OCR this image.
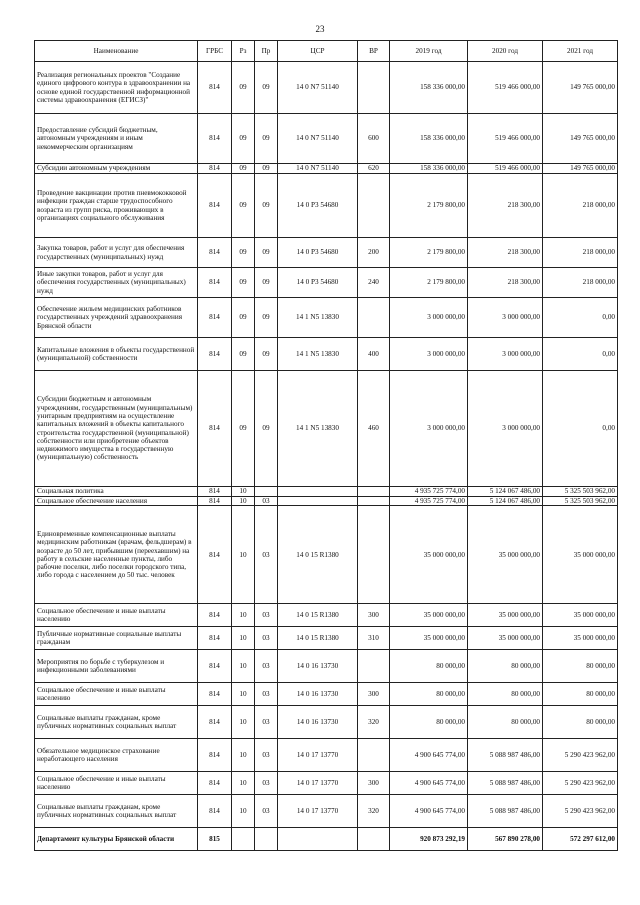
23
Наименование	ГРБС	Рз	Пр	ЦСР	ВР	2019 год	2020 год	2021 год
Реализация региональных проектов "Создание единого цифрового контура в здравоохранении на основе единой государственной информационной системы здравоохранения (ЕГИСЗ)"	814	09	09	14 0 N7 51140		158 336 000,00	519 466 000,00	149 765 000,00
Предоставление субсидий бюджетным, автономным учреждениям и иным некоммерческим организациям	814	09	09	14 0 N7 51140	600	158 336 000,00	519 466 000,00	149 765 000,00
Субсидии автономным учреждениям	814	09	09	14 0 N7 51140	620	158 336 000,00	519 466 000,00	149 765 000,00
Проведение вакцинации против пневмококковой инфекции граждан старше трудоспособного возраста из групп риска, проживающих в организациях социального обслуживания	814	09	09	14 0 P3 54680		2 179 800,00	218 300,00	218 000,00
Закупка товаров, работ и услуг для обеспечения государственных (муниципальных) нужд	814	09	09	14 0 P3 54680	200	2 179 800,00	218 300,00	218 000,00
Иные закупки товаров, работ и услуг для обеспечения государственных (муниципальных) нужд	814	09	09	14 0 P3 54680	240	2 179 800,00	218 300,00	218 000,00
Обеспечение жильем медицинских работников государственных учреждений здравоохранения Брянской области	814	09	09	14 1 N5 13830		3 000 000,00	3 000 000,00	0,00
Капитальные вложения в объекты государственной (муниципальной) собственности	814	09	09	14 1 N5 13830	400	3 000 000,00	3 000 000,00	0,00
Субсидии бюджетным и автономным учреждениям, государственным (муниципальным) унитарным предприятиям на осуществление капитальных вложений в объекты капитального строительства государственной (муниципальной) собственности или приобретение объектов недвижимого имущества в государственную (муниципальную) собственность	814	09	09	14 1 N5 13830	460	3 000 000,00	3 000 000,00	0,00
Социальная политика	814	10				4 935 725 774,00	5 124 067 486,00	5 325 503 962,00
Социальное обеспечение населения	814	10	03			4 935 725 774,00	5 124 067 486,00	5 325 503 962,00
Единовременные компенсационные выплаты медицинским работникам (врачам, фельдшерам) в возрасте до 50 лет, прибывшим (переехавшим) на работу в сельские населенные пункты, либо рабочие поселки, либо поселки городского типа, либо города с населением до 50 тыс. человек	814	10	03	14 0 15 R1380		35 000 000,00	35 000 000,00	35 000 000,00
Социальное обеспечение и иные выплаты населению	814	10	03	14 0 15 R1380	300	35 000 000,00	35 000 000,00	35 000 000,00
Публичные нормативные социальные выплаты гражданам	814	10	03	14 0 15 R1380	310	35 000 000,00	35 000 000,00	35 000 000,00
Мероприятия по борьбе с туберкулезом и инфекционными заболеваниями	814	10	03	14 0 16 13730		80 000,00	80 000,00	80 000,00
Социальное обеспечение и иные выплаты населению	814	10	03	14 0 16 13730	300	80 000,00	80 000,00	80 000,00
Социальные выплаты гражданам, кроме публичных нормативных социальных выплат	814	10	03	14 0 16 13730	320	80 000,00	80 000,00	80 000,00
Обязательное медицинское страхование неработающего населения	814	10	03	14 0 17 13770		4 900 645 774,00	5 088 987 486,00	5 290 423 962,00
Социальное обеспечение и иные выплаты населению	814	10	03	14 0 17 13770	300	4 900 645 774,00	5 088 987 486,00	5 290 423 962,00
Социальные выплаты гражданам, кроме публичных нормативных социальных выплат	814	10	03	14 0 17 13770	320	4 900 645 774,00	5 088 987 486,00	5 290 423 962,00
Департамент культуры Брянской области	815					920 873 292,19	567 890 278,00	572 297 612,00
